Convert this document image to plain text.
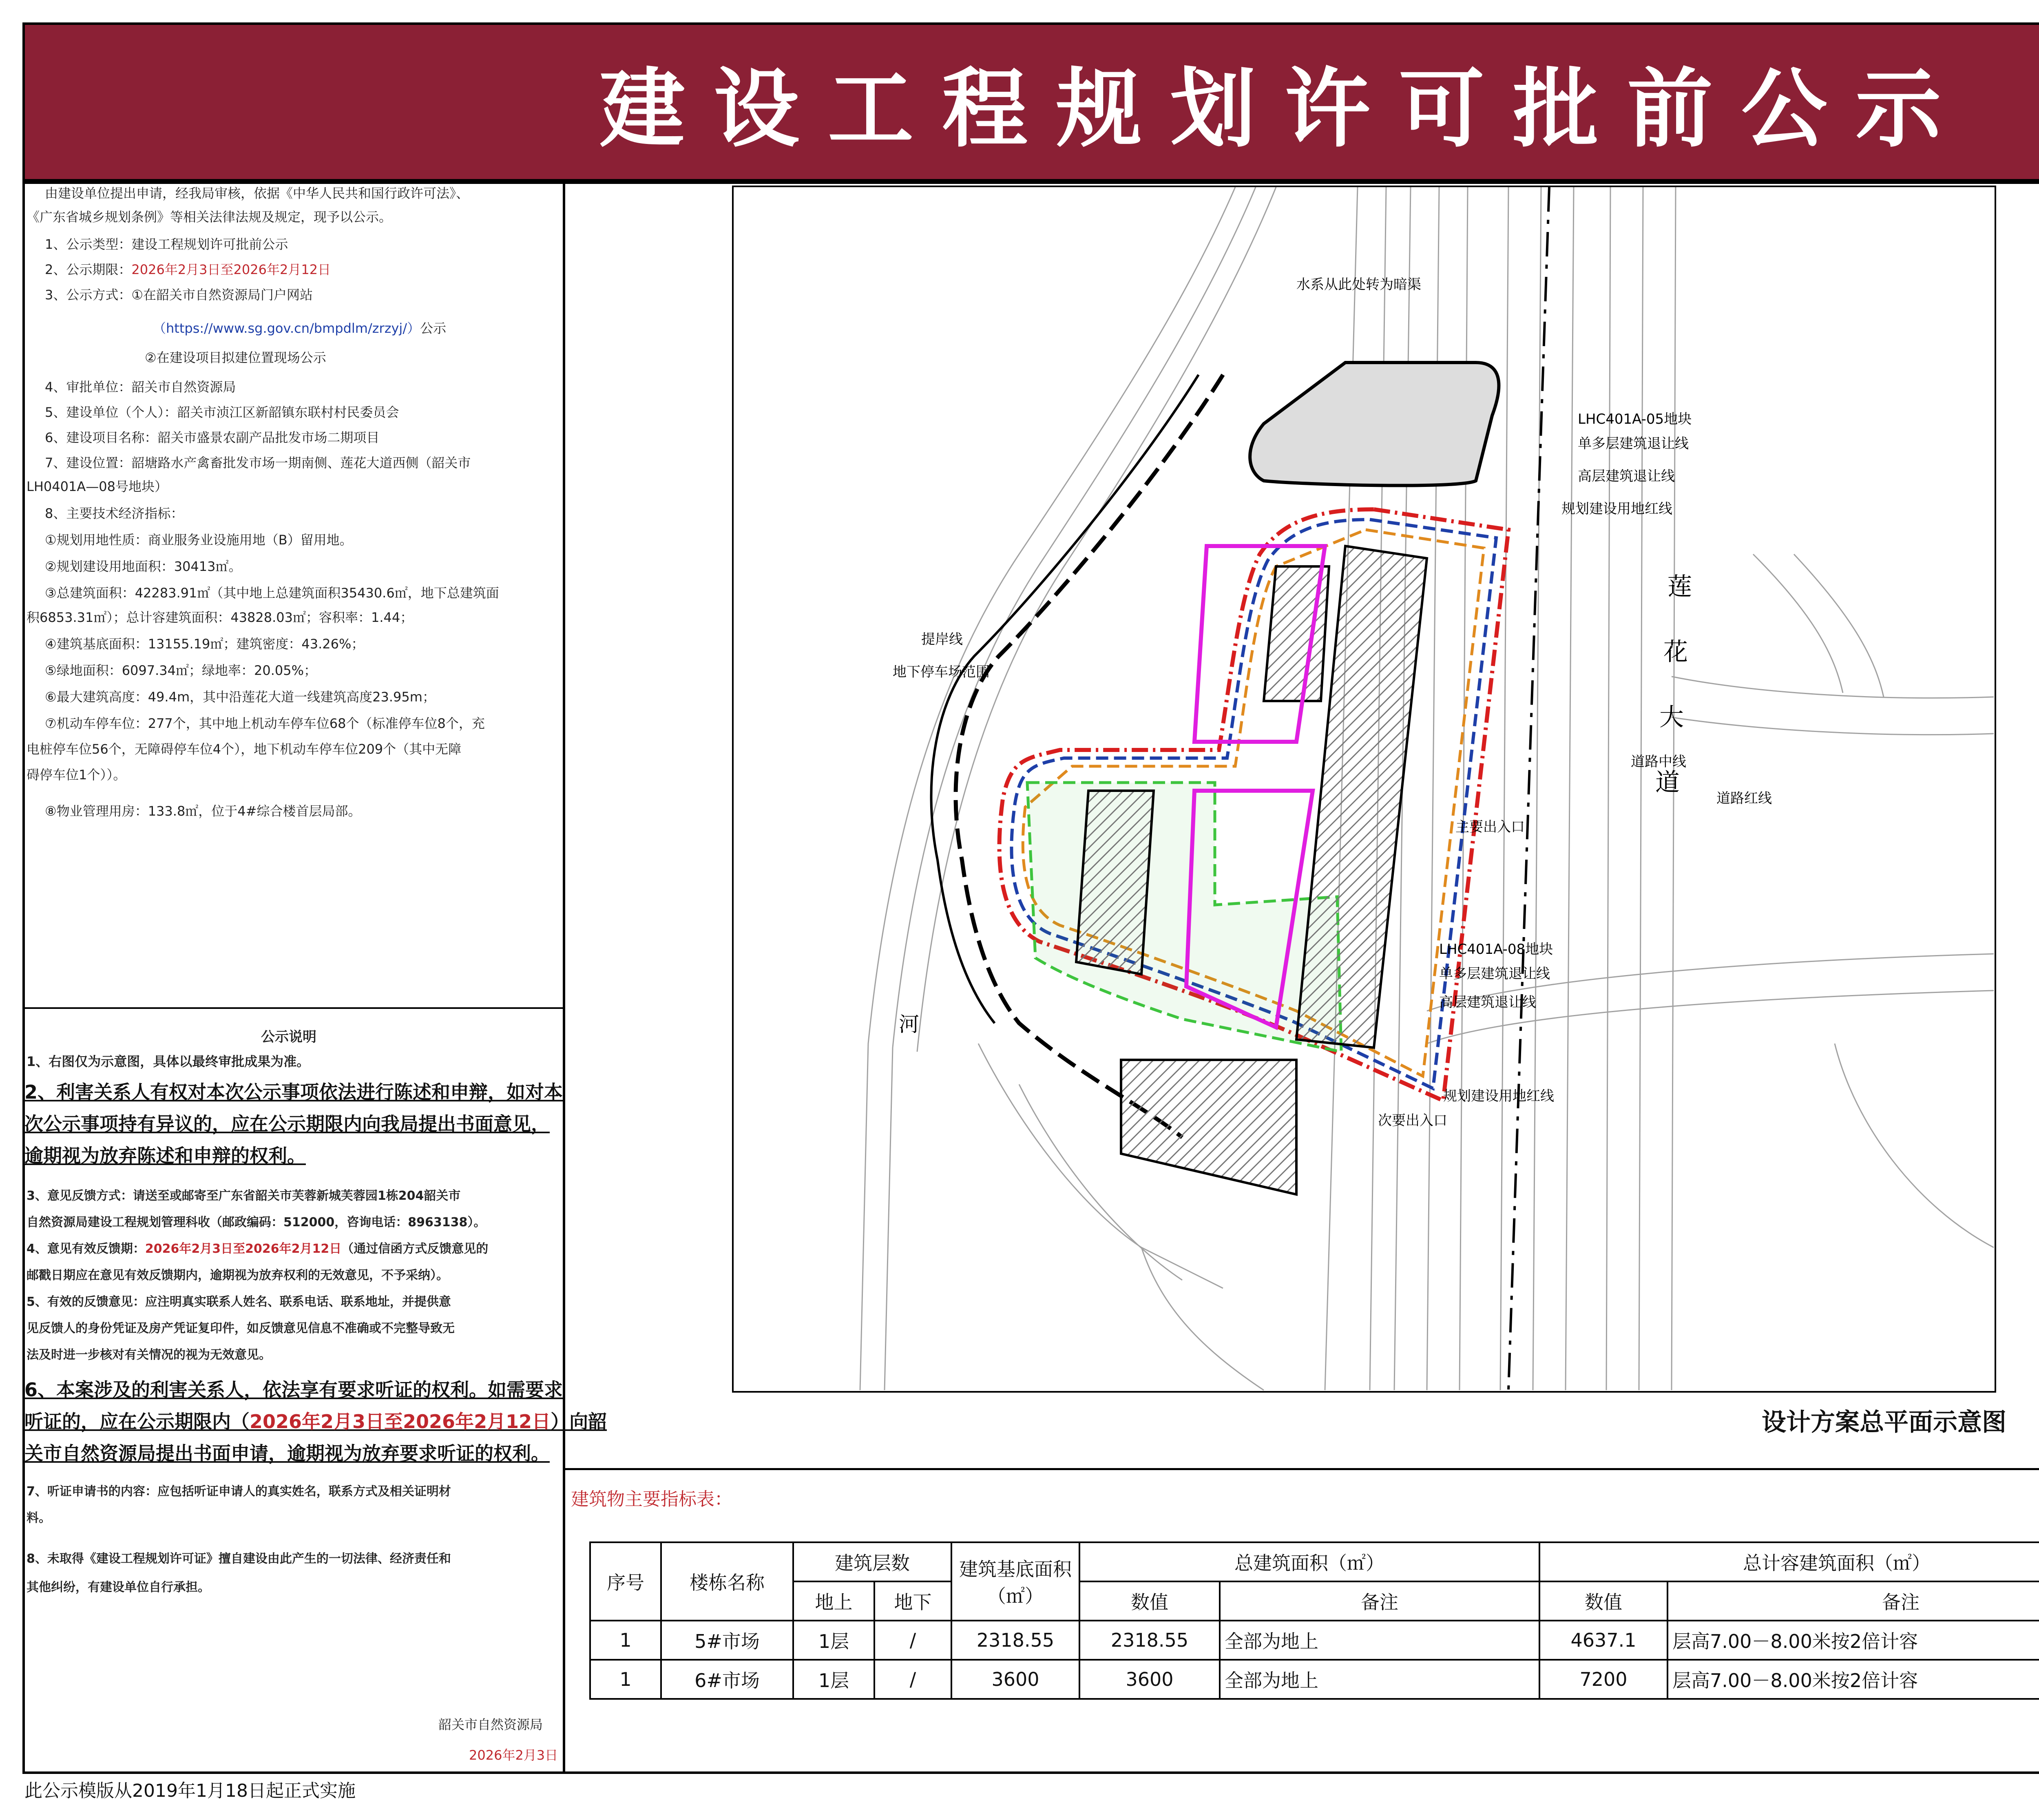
建设工程规划许可批前公示
由建设单位提出申请，经我局审核，依据《中华人民共和国行政许可法》、
《广东省城乡规划条例》等相关法律法规及规定，现予以公示。
1、公示类型：建设工程规划许可批前公示
2、公示期限：2026年2月3日至2026年2月12日
3、公示方式：①在韶关市自然资源局门户网站
（https://www.sg.gov.cn/bmpdlm/zrzyj/）公示
②在建设项目拟建位置现场公示
4、审批单位：韶关市自然资源局
5、建设单位（个人）：韶关市浈江区新韶镇东联村村民委员会
6、建设项目名称：韶关市盛景农副产品批发市场二期项目
7、建设位置：韶塘路水产禽畜批发市场一期南侧、莲花大道西侧（韶关市
LH0401A—08号地块）
8、主要技术经济指标：
①规划用地性质：商业服务业设施用地（B）留用地。
②规划建设用地面积：30413㎡。
③总建筑面积：42283.91㎡（其中地上总建筑面积35430.6㎡，地下总建筑面
积6853.31㎡）；总计容建筑面积：43828.03㎡；容积率：1.44；
④建筑基底面积：13155.19㎡；建筑密度：43.26%；
⑤绿地面积：6097.34㎡；绿地率：20.05%；
⑥最大建筑高度：49.4m，其中沿莲花大道一线建筑高度23.95m；
⑦机动车停车位：277个，其中地上机动车停车位68个（标准停车位8个，充
电桩停车位56个，无障碍停车位4个），地下机动车停车位209个（其中无障
碍停车位1个））。
⑧物业管理用房：133.8㎡，位于4#综合楼首层局部。
公示说明
1、右图仅为示意图，具体以最终审批成果为准。
2、利害关系人有权对本次公示事项依法进行陈述和申辩，如对本
次公示事项持有异议的，应在公示期限内向我局提出书面意见，
逾期视为放弃陈述和申辩的权利。
3、意见反馈方式：请送至或邮寄至广东省韶关市芙蓉新城芙蓉园1栋204韶关市
自然资源局建设工程规划管理科收（邮政编码：512000，咨询电话：8963138）。
4、意见有效反馈期：2026年2月3日至2026年2月12日（通过信函方式反馈意见的
邮戳日期应在意见有效反馈期内，逾期视为放弃权利的无效意见，不予采纳）。
5、有效的反馈意见：应注明真实联系人姓名、联系电话、联系地址，并提供意
见反馈人的身份凭证及房产凭证复印件，如反馈意见信息不准确或不完整导致无
法及时进一步核对有关情况的视为无效意见。
6、本案涉及的利害关系人，依法享有要求听证的权利。如需要求
听证的，应在公示期限内（2026年2月3日至2026年2月12日）向韶
关市自然资源局提出书面申请，逾期视为放弃要求听证的权利。
7、听证申请书的内容：应包括听证申请人的真实姓名，联系方式及相关证明材
料。
8、未取得《建设工程规划许可证》擅自建设由此产生的一切法律、经济责任和
其他纠纷，有建设单位自行承担。
韶关市自然资源局
2026年2月3日
水系从此处转为暗渠
LHC401A-05地块
单多层建筑退让线
高层建筑退让线
规划建设用地红线
莲
花
大
道
道路中线
道路红线
主要出入口
LHC401A-08地块
单多层建筑退让线
高层建筑退让线
规划建设用地红线
地下停车场范围
提岸线
河
次要出入口
设计方案总平面示意图
建筑物主要指标表：
序号	楼栋名称	建筑层数		建筑基底面积（㎡）	总建筑面积（㎡）		总计容建筑面积（㎡）	
		地上	地下		数值	备注	数值	备注
1	5#市场	1层	/	2318.55	2318.55	全部为地上	4637.1	层高7.00－8.00米按2倍计容
1	6#市场	1层	/	3600	3600	全部为地上	7200	层高7.00－8.00米按2倍计容
此公示模版从2019年1月18日起正式实施
